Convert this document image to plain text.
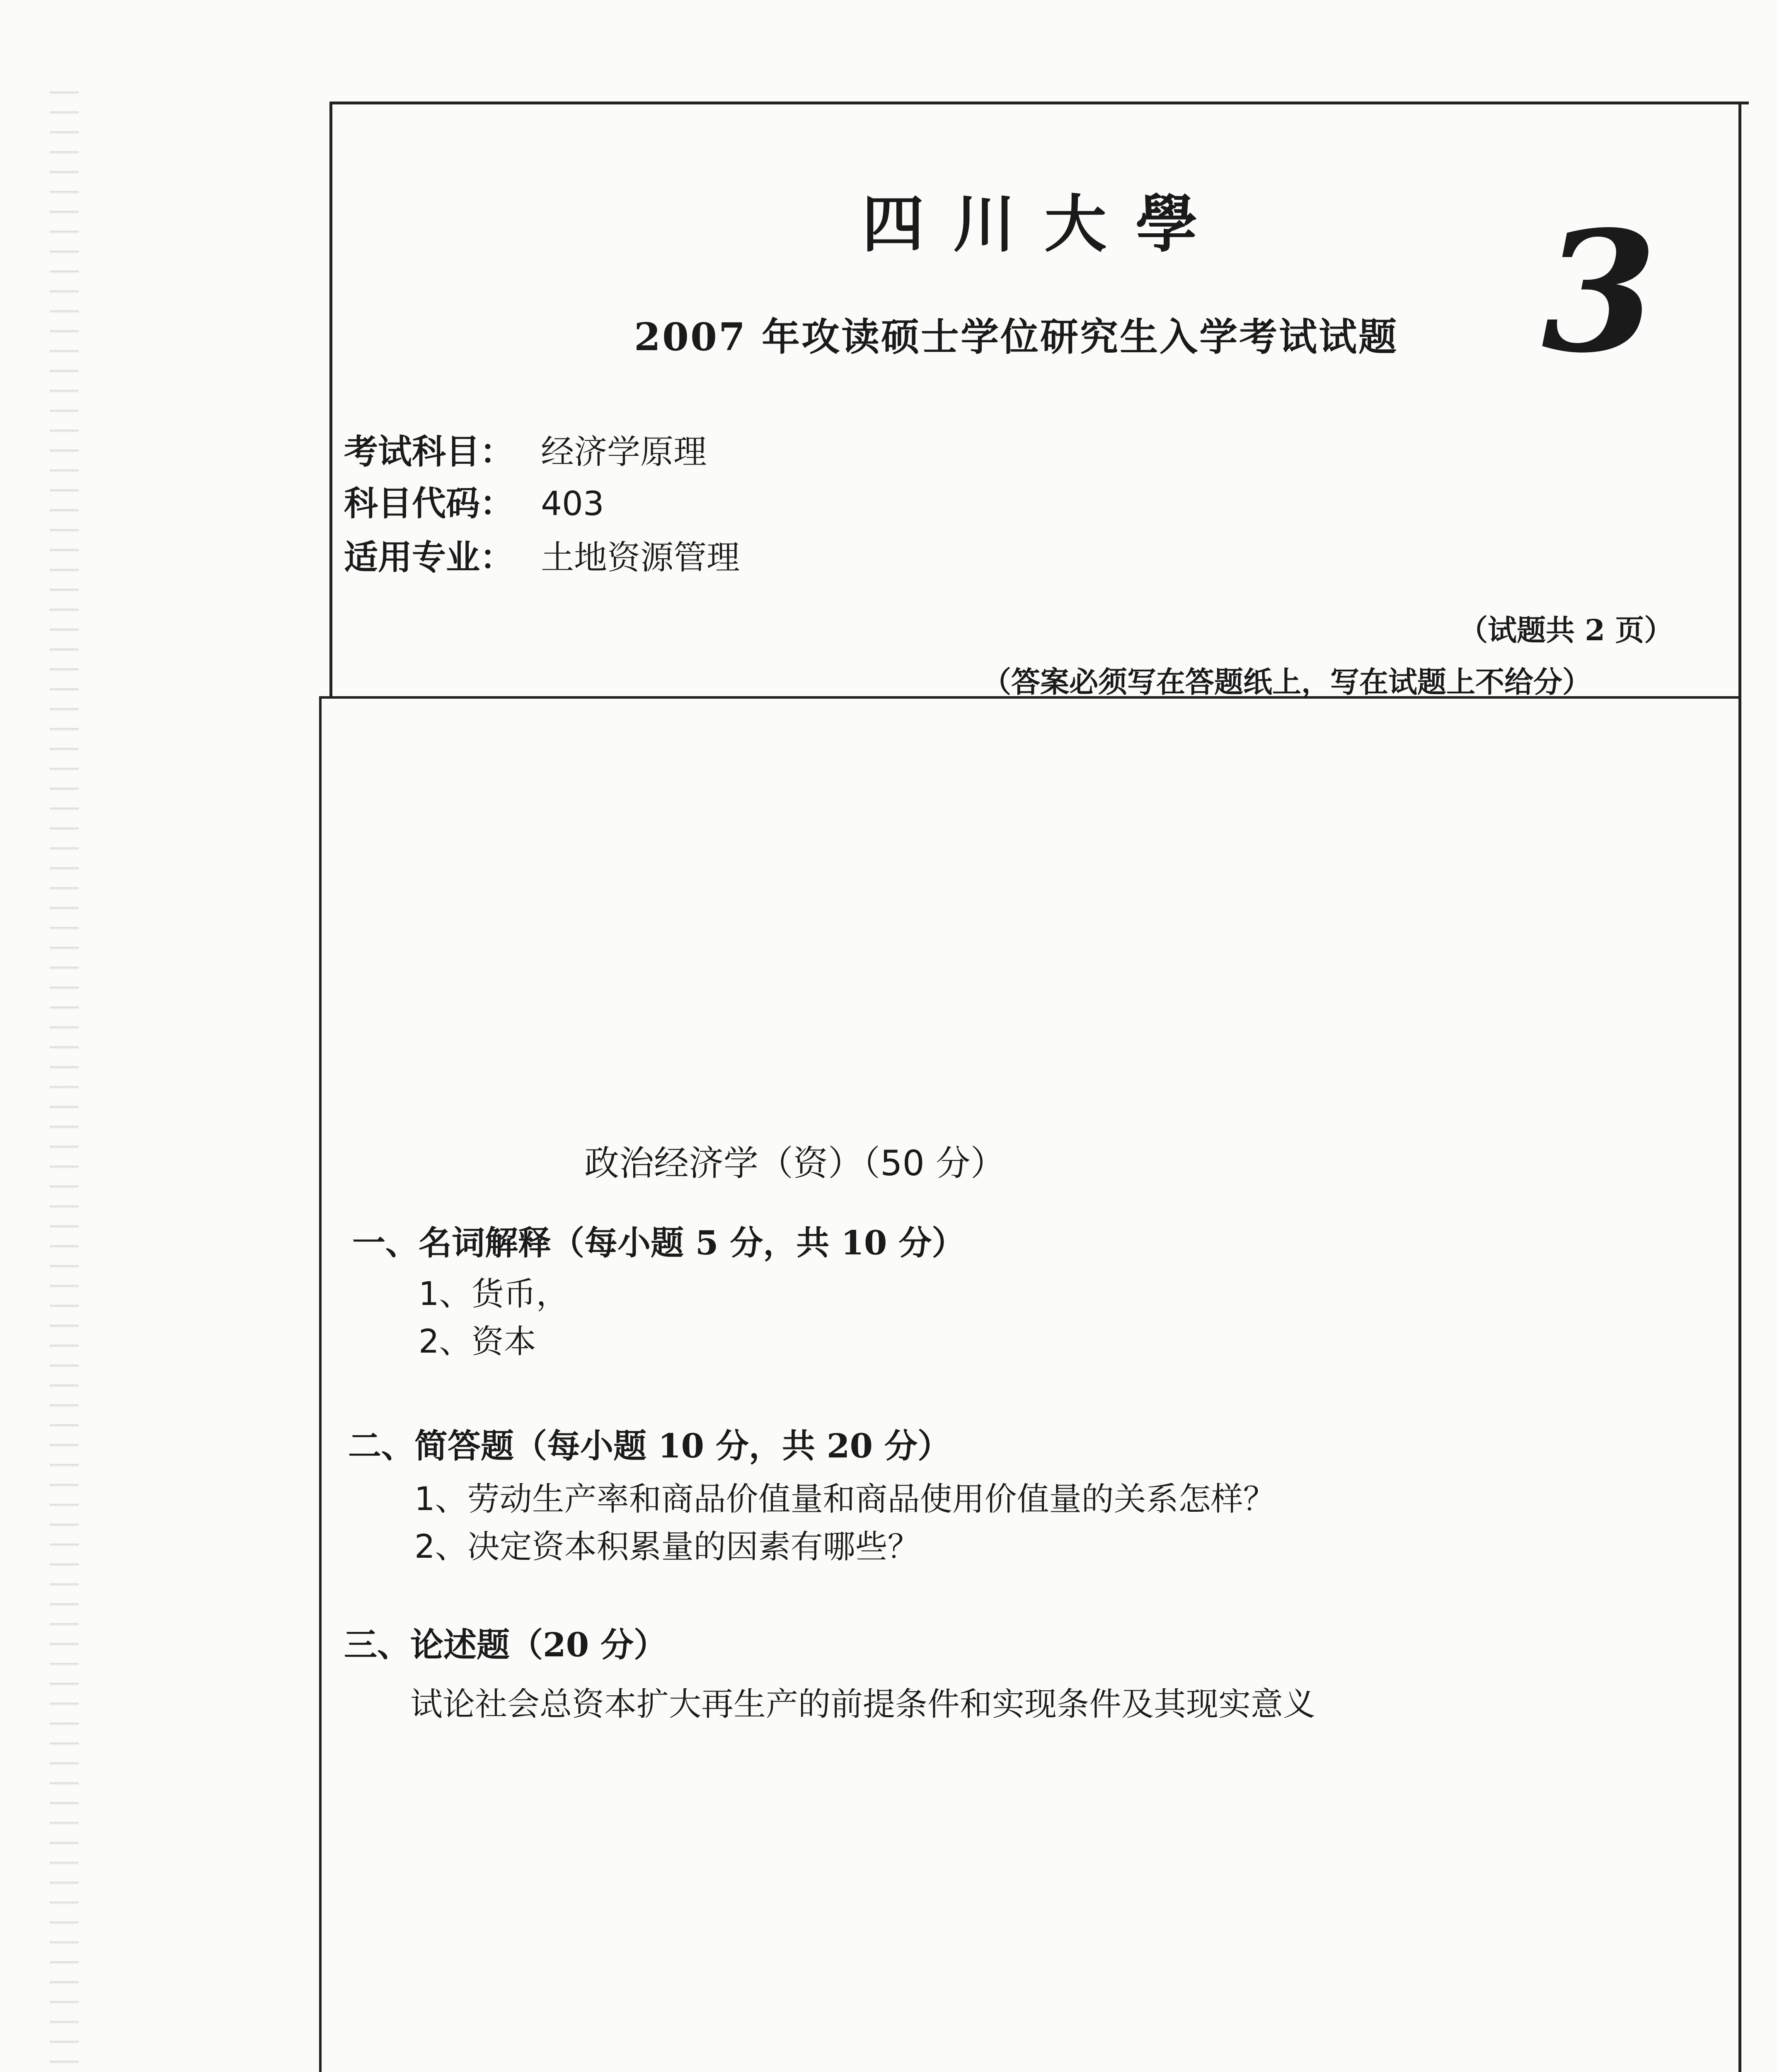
四川大學
2007 年攻读硕士学位研究生入学考试试题 3
考试科目： 经济学原理
科目代码： 403
适用专业： 土地资源管理
（试题共 2 页）
（答案必须写在答题纸上，写在试题上不给分）
政治经济学（资）（50 分）
一、名词解释（每小题 5 分，共 10 分）
1、货币，
2、资本
二、简答题（每小题 10 分，共 20 分）
1、劳动生产率和商品价值量和商品使用价值量的关系怎样？
2、决定资本积累量的因素有哪些？
三、论述题（20 分）
试论社会总资本扩大再生产的前提条件和实现条件及其现实意义
